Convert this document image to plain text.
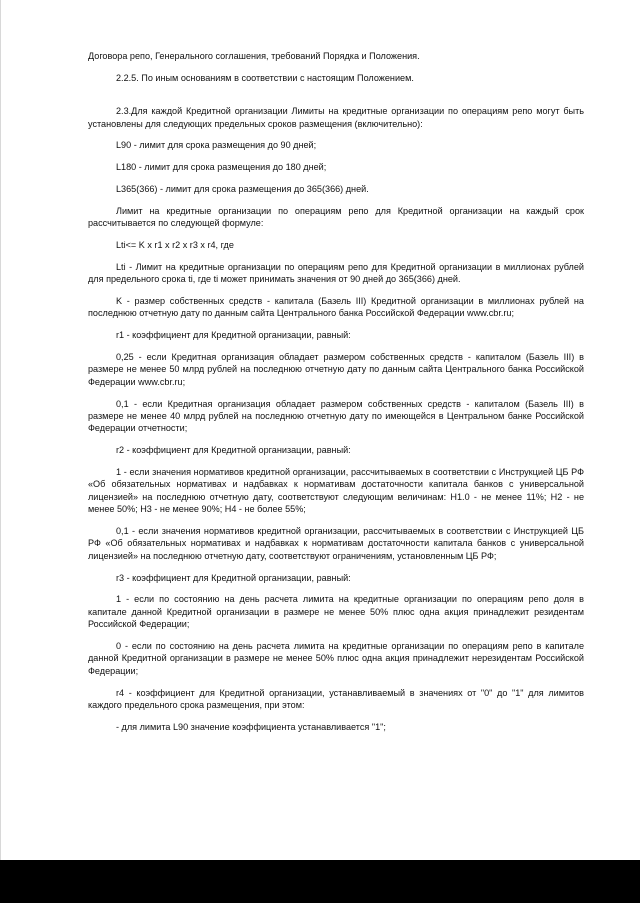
Договора репо, Генерального соглашения, требований Порядка и Положения.

2.2.5. По иным основаниям в соответствии с настоящим Положением.

2.3.Для каждой Кредитной организации Лимиты на кредитные организации по операциям репо могут быть установлены для следующих предельных сроков размещения (включительно):

L90 - лимит для срока размещения до 90 дней;

L180 - лимит для срока размещения до 180 дней;

L365(366) - лимит для срока размещения до 365(366) дней.

Лимит на кредитные организации по операциям репо для Кредитной организации на каждый срок рассчитывается по следующей формуле:

Lti<= K x r1 x r2 x r3 x r4, где

Lti - Лимит на кредитные организации по операциям репо для Кредитной организации в миллионах рублей для предельного срока ti, где ti может принимать значения от 90 дней до 365(366) дней.

K - размер собственных средств - капитала (Базель III) Кредитной организации в миллионах рублей на последнюю отчетную дату по данным сайта Центрального банка Российской Федерации www.cbr.ru;

r1 - коэффициент для Кредитной организации, равный:

0,25 - если Кредитная организация обладает размером собственных средств - капиталом (Базель III) в размере не менее 50 млрд рублей на последнюю отчетную дату по данным сайта Центрального банка Российской Федерации www.cbr.ru;

0,1 - если Кредитная организация обладает размером собственных средств - капиталом (Базель III) в размере не менее 40 млрд рублей на последнюю отчетную дату по имеющейся в Центральном банке Российской Федерации отчетности;

r2 - коэффициент для Кредитной организации, равный:

1 - если значения нормативов кредитной организации, рассчитываемых в соответствии с Инструкцией ЦБ РФ «Об обязательных нормативах и надбавках к нормативам достаточности капитала банков с универсальной лицензией» на последнюю отчетную дату, соответствуют следующим величинам: Н1.0 - не менее 11%; Н2 - не менее 50%; Н3 - не менее 90%; Н4 - не более 55%;

0,1 - если значения нормативов кредитной организации, рассчитываемых в соответствии с Инструкцией ЦБ РФ «Об обязательных нормативах и надбавках к нормативам достаточности капитала банков с универсальной лицензией» на последнюю отчетную дату, соответствуют ограничениям, установленным ЦБ РФ;

r3 - коэффициент для Кредитной организации, равный:

1 - если по состоянию на день расчета лимита на кредитные организации по операциям репо доля в капитале данной Кредитной организации в размере не менее 50% плюс одна акция принадлежит резидентам Российской Федерации;

0 - если по состоянию на день расчета лимита на кредитные организации по операциям репо в капитале данной Кредитной организации в размере не менее 50% плюс одна акция принадлежит нерезидентам Российской Федерации;

r4 - коэффициент для Кредитной организации, устанавливаемый в значениях от "0" до "1" для лимитов каждого предельного срока размещения, при этом:

- для лимита L90 значение коэффициента устанавливается "1";
